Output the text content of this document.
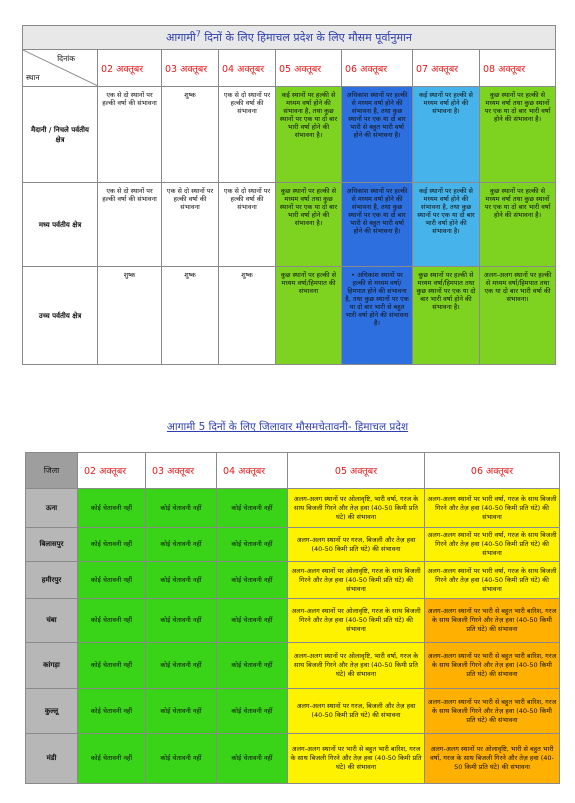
आगामी$^7$ दिनों के लिए हिमाचल प्रदेश के लिए मौसम पूर्वानुमान							

दिनांक
स्थान	02 अक्तूबर	03 अक्तूबर	04 अक्तूबर	05 अक्तूबर	06 अक्तूबर	07 अक्तूबर	08 अक्तूबर
मैदानी / निचले पर्वतीय क्षेत्र	एक से दो स्थानों पर हल्की वर्षा की संभावना	शुष्क	एक से दो स्थानों पर हल्की वर्षा की संभावना	कई स्थानों पर हल्की से मध्यम वर्षा होने की संभावना है, तथा कुछ स्थानों पर एक या दो बार भारी वर्षा होने की संभावना है।	अधिकांश स्थानों पर हल्की से मध्यम वर्षा होने की संभावना है, तथा कुछ स्थानों पर एक या दो बार भारी से बहुत भारी वर्षा होने की संभावना है।	कई स्थानों पर हल्की से मध्यम वर्षा होने की संभावना है।	कुछ स्थानों पर हल्की से मध्यम वर्षा तथा कुछ स्थानों पर एक या दो बार भारी वर्षा होने की संभावना है।
मध्य पर्वतीय क्षेत्र	एक से दो स्थानों पर हल्की वर्षा की संभावना	एक से दो स्थानों पर हल्की वर्षा की संभावना	एक से दो स्थानों पर हल्की वर्षा की संभावना	कुछ स्थानों पर हल्की से मध्यम वर्षा तथा कुछ स्थानों पर एक या दो बार भारी वर्षा होने की संभावना है।	अधिकांश स्थानों पर हल्की से मध्यम वर्षा होने की संभावना है, तथा कुछ स्थानों पर एक या दो बार भारी से बहुत भारी वर्षा होने की संभावना है।	कई स्थानों पर हल्की से मध्यम वर्षा होने की संभावना है, तथा कुछ स्थानों पर एक या दो बार भारी वर्षा होने की संभावना है।	कुछ स्थानों पर हल्की से मध्यम वर्षा तथा कुछ स्थानों पर एक या दो बार भारी वर्षा होने की संभावना है।
उच्च पर्वतीय क्षेत्र	शुष्क	शुष्क	शुष्क	कुछ स्थानों पर हल्की से मध्यम वर्षा/हिमपात की संभावना	• अधिकांश स्थानों पर हल्की से मध्यम वर्षा/हिमपात होने की संभावना है, तथा कुछ स्थानों पर एक या दो बार भारी से बहुत भारी वर्षा होने की संभावना है।	कुछ स्थानों पर हल्की से मध्यम वर्षा/हिमपात तथा कुछ स्थानों पर एक या दो बार भारी वर्षा होने की संभावना है।	अलग-अलग स्थानों पर हल्की से मध्यम वर्षा/हिमपात तथा एक या दो बार भारी वर्षा की संभावना।
आगामी 5 दिनों के लिए जिलावार मौसमचेतावनी- हिमाचल प्रदेश
जिला	02 अक्तूबर	03 अक्तूबर	04 अक्तूबर	05 अक्तूबर	06 अक्तूबर
ऊना	कोई चेतावनी नहीं	कोई चेतावनी नहीं	कोई चेतावनी नहीं	अलग-अलग स्थानों पर ओलावृष्टि, भारी वर्षा, गरज के साथ बिजली गिरने और तेज़ हवा (40-50 किमी प्रति घंटे) की संभावना	अलग-अलग स्थानों पर भारी वर्षा, गरज के साथ बिजली गिरने और तेज़ हवा (40-50 किमी प्रति घंटे) की संभावना
बिलासपुर	कोई चेतावनी नहीं	कोई चेतावनी नहीं	कोई चेतावनी नहीं	अलग-अलग स्थानों पर गरज, बिजली और तेज़ हवा (40-50 किमी प्रति घंटे) की संभावना	अलग-अलग स्थानों पर भारी वर्षा, गरज के साथ बिजली गिरने और तेज़ हवा (40-50 किमी प्रति घंटे) की संभावना
हमीरपुर	कोई चेतावनी नहीं	कोई चेतावनी नहीं	कोई चेतावनी नहीं	अलग-अलग स्थानों पर ओलावृष्टि, गरज के साथ बिजली गिरने और तेज़ हवा (40-50 किमी प्रति घंटे) की संभावना	अलग-अलग स्थानों पर भारी वर्षा, गरज के साथ बिजली गिरने और तेज़ हवा (40-50 किमी प्रति घंटे) की संभावना
चंबा	कोई चेतावनी नहीं	कोई चेतावनी नहीं	कोई चेतावनी नहीं	अलग-अलग स्थानों पर ओलावृष्टि, गरज के साथ बिजली गिरने और तेज़ हवा (40-50 किमी प्रति घंटे) की संभावना	अलग-अलग स्थानों पर भारी से बहुत भारी बारिश, गरज के साथ बिजली गिरने और तेज़ हवा (40-50 किमी प्रति घंटे) की संभावना
कांगड़ा	कोई चेतावनी नहीं	कोई चेतावनी नहीं	कोई चेतावनी नहीं	अलग-अलग स्थानों पर ओलावृष्टि, भारी वर्षा, गरज के साथ बिजली गिरने और तेज़ हवा (40-50 किमी प्रति घंटे) की संभावना	अलग-अलग स्थानों पर भारी से बहुत भारी बारिश, गरज के साथ बिजली गिरने और तेज़ हवा (40-50 किमी प्रति घंटे) की संभावना
कुल्लू	कोई चेतावनी नहीं	कोई चेतावनी नहीं	कोई चेतावनी नहीं	अलग-अलग स्थानों पर गरज, बिजली और तेज़ हवा (40-50 किमी प्रति घंटे) की संभावना	अलग-अलग स्थानों पर भारी से बहुत भारी बारिश, गरज के साथ बिजली गिरने और तेज़ हवा (40-50 किमी प्रति घंटे) की संभावना
मंडी	कोई चेतावनी नहीं	कोई चेतावनी नहीं	कोई चेतावनी नहीं	अलग-अलग स्थानों पर भारी से बहुत भारी बारिश, गरज के साथ बिजली गिरने और तेज़ हवा (40-50 किमी प्रति घंटे) की संभावना	अलग-अलग स्थानों पर ओलावृष्टि, भारी से बहुत भारी वर्षा, गरज के साथ बिजली गिरने और तेज़ हवा (40-50 किमी प्रति घंटे) की संभावना
